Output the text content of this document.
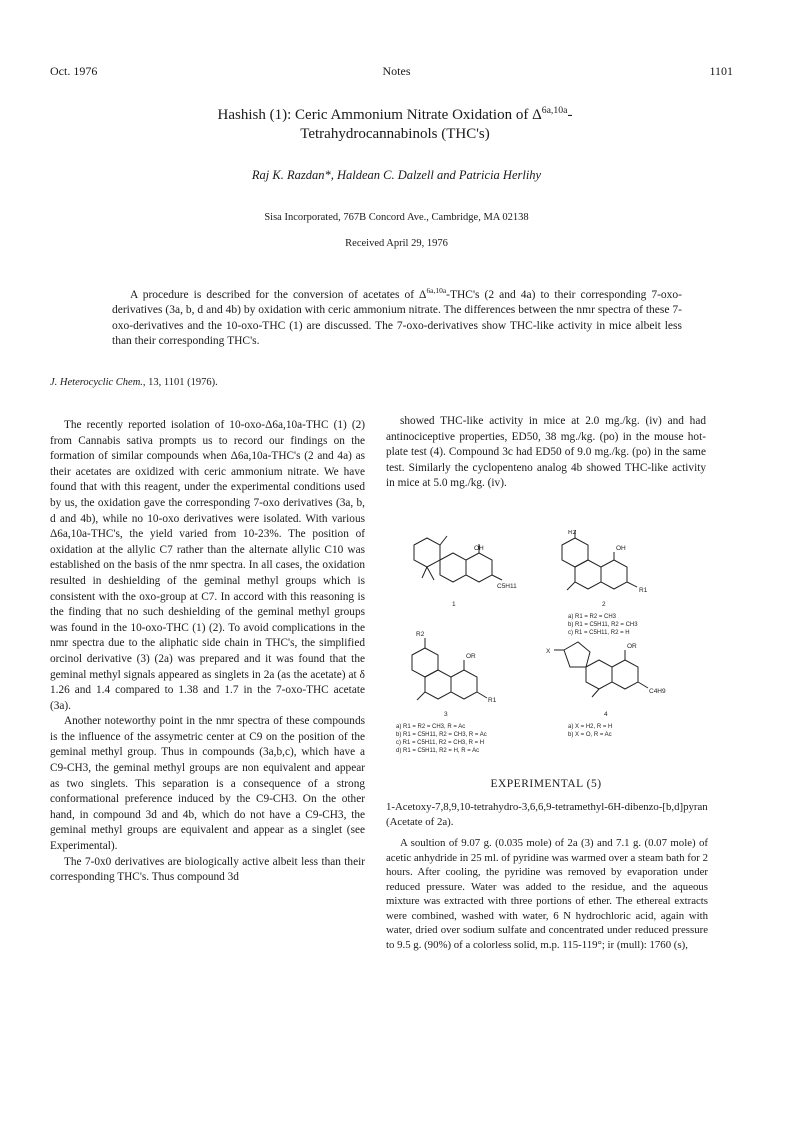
Oct. 1976	Notes	1101
Hashish (1): Ceric Ammonium Nitrate Oxidation of $\Delta^{6a,10a}-$
Tetrahydrocannabinols (THC's)
Raj K. Razdan*, Haldean C. Dalzell and Patricia Herlihy
Sisa Incorporated, 767B Concord Ave., Cambridge, MA 02138
Received April 29, 1976
A procedure is described for the conversion of acetates of $\Delta^{6a,10a}-THC's$ (2 and 4a) to their corresponding 7-oxo-derivatives (3a, b, d and 4b) by oxidation with ceric ammonium nitrate. The differences between the nmr spectra of these 7-oxo-derivatives and the 10-oxo-THC (1) are discussed. The 7-oxo-derivatives show THC-like activity in mice albeit less than their corresponding THC's.
J. Heterocyclic Chem., 13, 1101 (1976).

The recently reported isolation of 10-oxo-Δ6a,10a-THC (1) (2) from Cannabis sativa prompts us to record our findings on the formation of similar compounds when Δ6a,10a-THC's (2 and 4a) as their acetates are oxidized with ceric ammonium nitrate. We have found that with this reagent, under the experimental conditions used by us, the oxidation gave the corresponding 7-oxo derivatives (3a, b, d and 4b), while no 10-oxo derivatives were isolated. With various Δ6a,10a-THC's, the yield varied from 10-23%. The position of oxidation at the allylic C7 rather than the alternate allylic C10 was established on the basis of the nmr spectra. In all cases, the oxidation resulted in deshielding of the geminal methyl groups which is consistent with the oxo-group at C7. In accord with this reasoning is the finding that no such deshielding of the geminal methyl groups was found in the 10-oxo-THC (1) (2). To avoid complications in the nmr spectra due to the aliphatic side chain in THC's, the simplified orcinol derivative (3) (2a) was prepared and it was found that the geminal methyl signals appeared as singlets in 2a (as the acetate) at δ 1.26 and 1.4 compared to 1.38 and 1.7 in the 7-oxo-THC acetate (3a).

Another noteworthy point in the nmr spectra of these compounds is the influence of the assymetric center at C9 on the position of the geminal methyl group. Thus in compounds (3a,b,c), which have a C9-CH3, the geminal methyl groups are non equivalent and appear as two singlets. This separation is a consequence of a strong conformational preference induced by the C9-CH3. On the other hand, in compound 3d and 4b, which do not have a C9-CH3, the geminal methyl groups are equivalent and appear as a singlet (see Experimental).

The 7-0x0 derivatives are biologically active albeit less than their corresponding THC's. Thus compound 3d

showed THC-like activity in mice at 2.0 mg./kg. (iv) and had antinociceptive properties, ED50, 38 mg./kg. (po) in the mouse hot-plate test (4). Compound 3c had ED50 of 9.0 mg./kg. (po) in the same test. Similarly the cyclopenteno analog 4b showed THC-like activity in mice at 5.0 mg./kg. (iv).

OH
C5H11
R2
OH
R1
R2
OR
R1
X
OR
C4H9
1	2
3	4
a) R1 = R2 = CH3
b) R1 = C5H11, R2 = CH3
c) R1 = C5H11, R2 = H
a) R1 = R2 = CH3, R = Ac
b) R1 = C5H11, R2 = CH3, R = Ac
c) R1 = C5H11, R2 = CH3, R = H
d) R1 = C5H11, R2 = H, R = Ac
a) X = H2, R = H
b) X = O, R = Ac
EXPERIMENTAL (5)
1-Acetoxy-7,8,9,10-tetrahydro-3,6,6,9-tetramethyl-6H-dibenzo-[b,d]pyran (Acetate of 2a).

A soultion of 9.07 g. (0.035 mole) of 2a (3) and 7.1 g. (0.07 mole) of acetic anhydride in 25 ml. of pyridine was warmed over a steam bath for 2 hours. After cooling, the pyridine was removed by evaporation under reduced pressure. Water was added to the residue, and the aqueous mixture was extracted with three portions of ether. The ethereal extracts were combined, washed with water, 6 N hydrochloric acid, again with water, dried over sodium sulfate and concentrated under reduced pressure to 9.5 g. (90%) of a colorless solid, m.p. 115-119°; ir (mull): 1760 (s),
